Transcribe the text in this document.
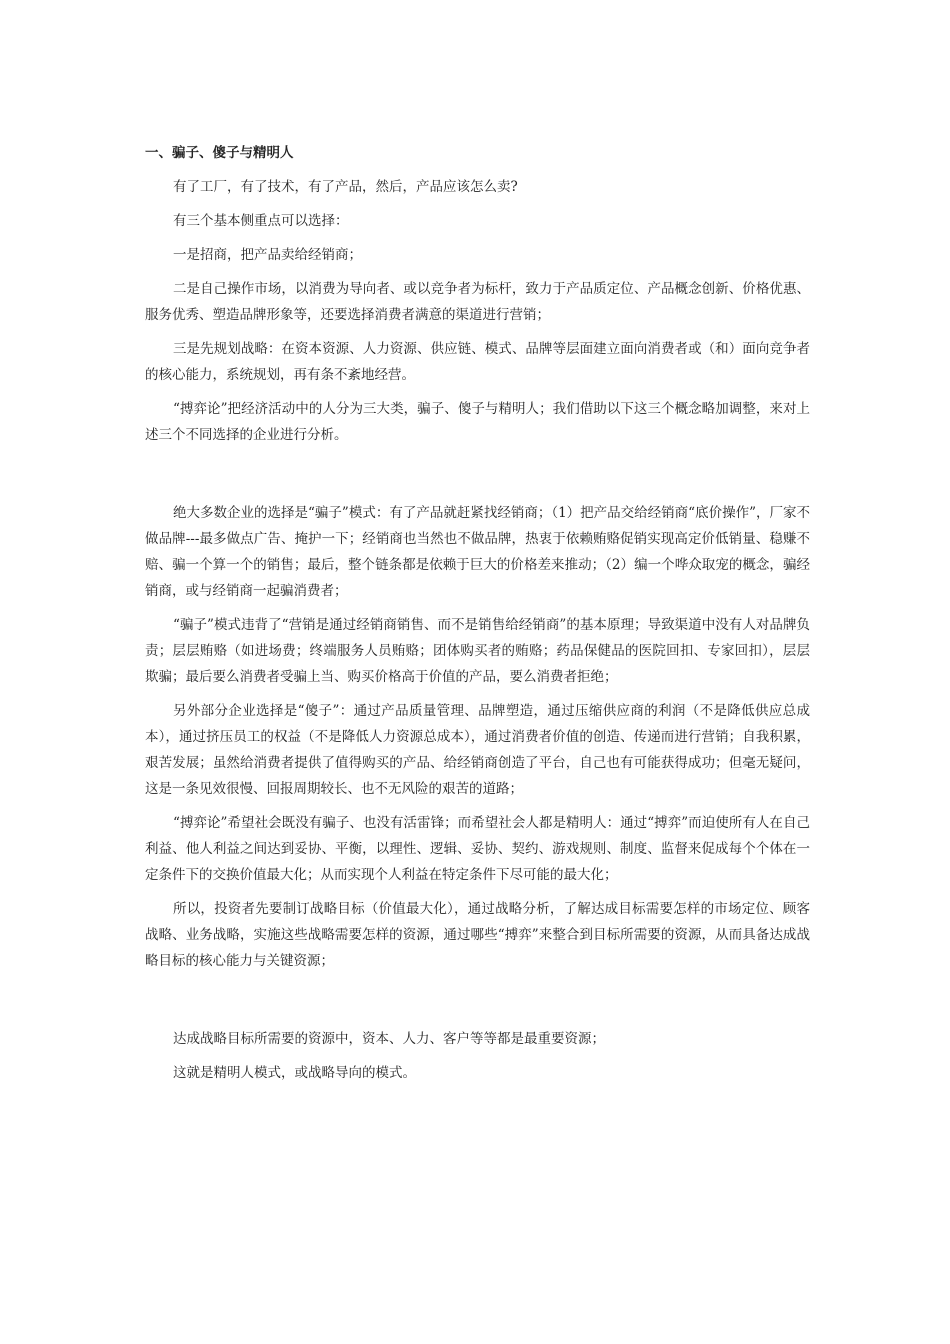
一、骗子、傻子与精明人

有了工厂，有了技术，有了产品，然后，产品应该怎么卖?

有三个基本侧重点可以选择：

一是招商，把产品卖给经销商；

二是自己操作市场，以消费为导向者、或以竞争者为标杆，致力于产品质定位、产品概念创新、价格优惠、服务优秀、塑造品牌形象等，还要选择消费者满意的渠道进行营销；

三是先规划战略：在资本资源、人力资源、供应链、模式、品牌等层面建立面向消费者或（和）面向竞争者的核心能力，系统规划，再有条不紊地经营。

“搏弈论”把经济活动中的人分为三大类，骗子、傻子与精明人；我们借助以下这三个概念略加调整，来对上述三个不同选择的企业进行分析。

绝大多数企业的选择是“骗子”模式：有了产品就赶紧找经销商；（1）把产品交给经销商“底价操作”，厂家不做品牌---最多做点广告、掩护一下；经销商也当然也不做品牌，热衷于依赖贿赂促销实现高定价低销量、稳赚不赔、骗一个算一个的销售；最后，整个链条都是依赖于巨大的价格差来推动；（2）编一个哗众取宠的概念，骗经销商，或与经销商一起骗消费者；

“骗子”模式违背了“营销是通过经销商销售、而不是销售给经销商”的基本原理；导致渠道中没有人对品牌负责；层层贿赂（如进场费；终端服务人员贿赂；团体购买者的贿赂；药品保健品的医院回扣、专家回扣），层层欺骗；最后要么消费者受骗上当、购买价格高于价值的产品，要么消费者拒绝；

另外部分企业选择是“傻子”：通过产品质量管理、品牌塑造，通过压缩供应商的利润（不是降低供应总成本），通过挤压员工的权益（不是降低人力资源总成本），通过消费者价值的创造、传递而进行营销；自我积累，艰苦发展；虽然给消费者提供了值得购买的产品、给经销商创造了平台，自己也有可能获得成功；但毫无疑问，这是一条见效很慢、回报周期较长、也不无风险的艰苦的道路；

“搏弈论”希望社会既没有骗子、也没有活雷锋；而希望社会人都是精明人：通过“搏弈”而迫使所有人在自己利益、他人利益之间达到妥协、平衡，以理性、逻辑、妥协、契约、游戏规则、制度、监督来促成每个个体在一定条件下的交换价值最大化；从而实现个人利益在特定条件下尽可能的最大化；

所以，投资者先要制订战略目标（价值最大化），通过战略分析，了解达成目标需要怎样的市场定位、顾客战略、业务战略，实施这些战略需要怎样的资源，通过哪些“搏弈”来整合到目标所需要的资源，从而具备达成战略目标的核心能力与关键资源；

达成战略目标所需要的资源中，资本、人力、客户等等都是最重要资源；

这就是精明人模式，或战略导向的模式。
